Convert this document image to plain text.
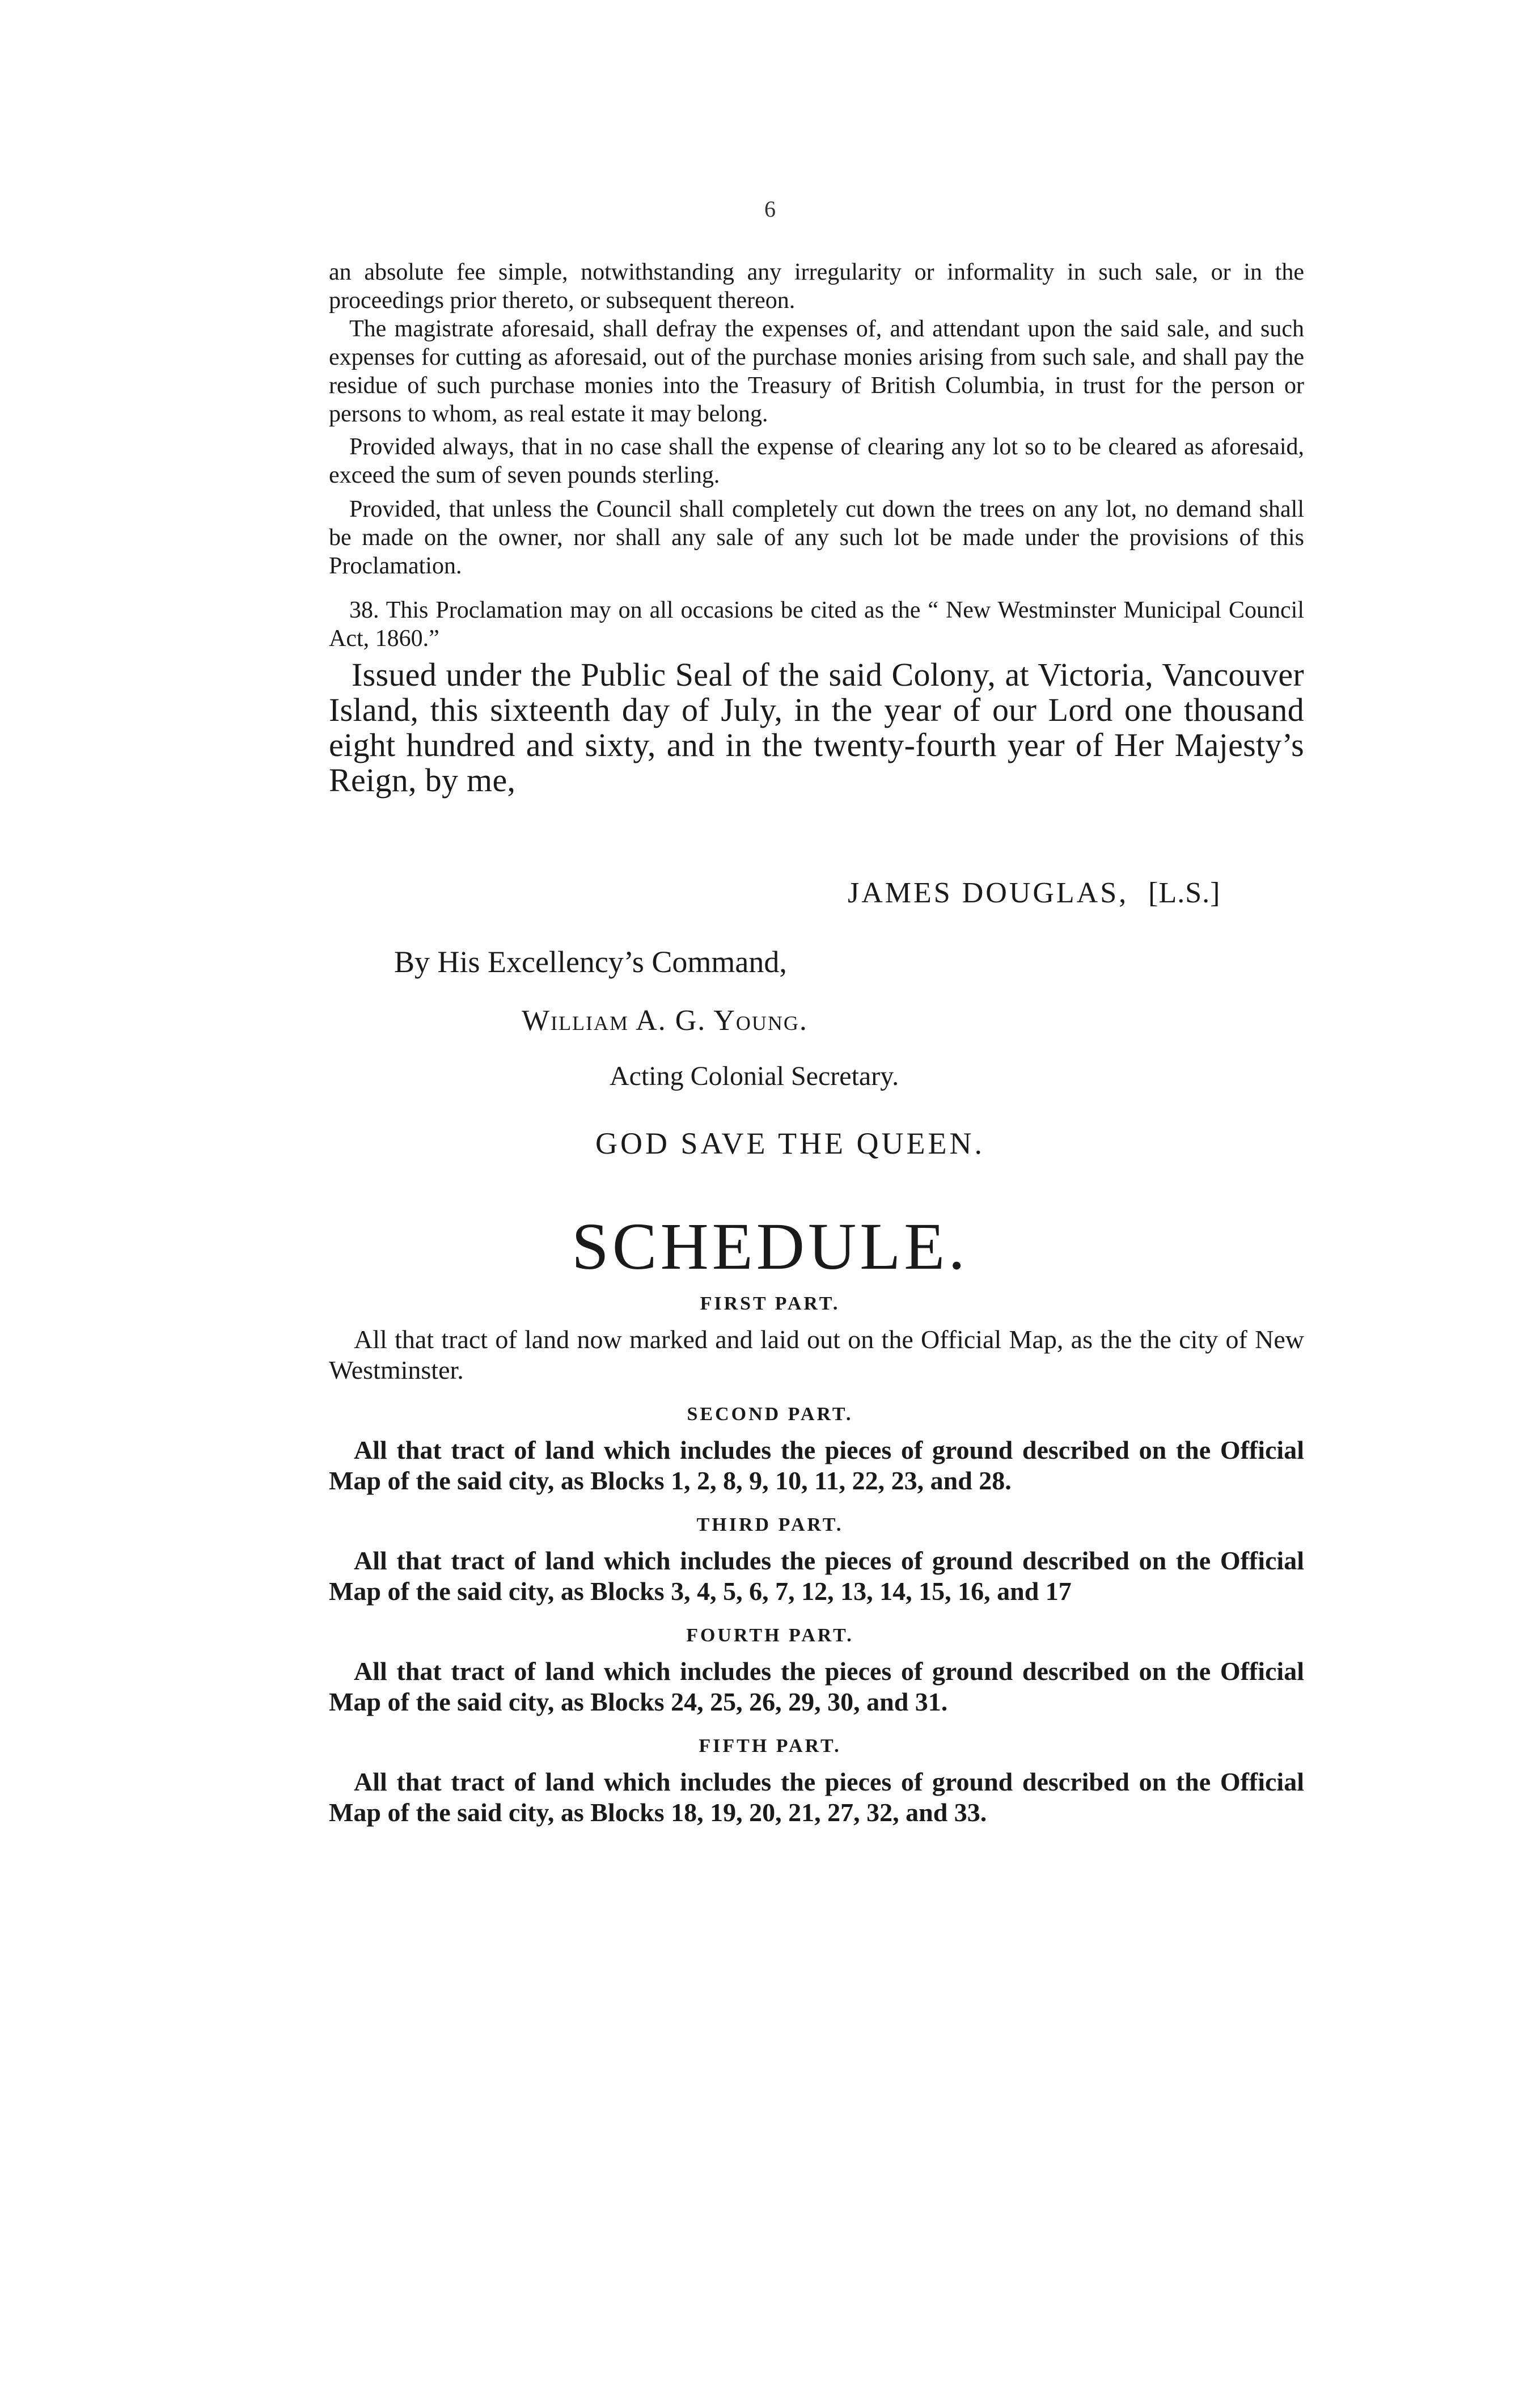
6

an absolute fee simple, notwithstanding any irregularity or informality in such sale, or in the proceedings prior thereto, or subsequent thereon.

The magistrate aforesaid, shall defray the expenses of, and attendant upon the said sale, and such expenses for cutting as aforesaid, out of the purchase monies arising from such sale, and shall pay the residue of such purchase monies into the Treasury of British Columbia, in trust for the person or persons to whom, as real estate it may belong.

Provided always, that in no case shall the expense of clearing any lot so to be cleared as aforesaid, exceed the sum of seven pounds sterling.

Provided, that unless the Council shall completely cut down the trees on any lot, no demand shall be made on the owner, nor shall any sale of any such lot be made under the provisions of this Proclamation.

38. This Proclamation may on all occasions be cited as the “ New Westminster Municipal Council Act, 1860.”

Issued under the Public Seal of the said Colony, at Victoria, Vancouver Island, this sixteenth day of July, in the year of our Lord one thousand eight hundred and sixty, and in the twenty-fourth year of Her Majesty’s Reign, by me,

JAMES DOUGLAS, [L.S.]
By His Excellency’s Command,
William A. G. Young.
Acting Colonial Secretary.
GOD SAVE THE QUEEN.
SCHEDULE.
FIRST PART.

All that tract of land now marked and laid out on the Official Map, as the the city of New Westminster.

SECOND PART.

All that tract of land which includes the pieces of ground described on the Official Map of the said city, as Blocks 1, 2, 8, 9, 10, 11, 22, 23, and 28.

THIRD PART.

All that tract of land which includes the pieces of ground described on the Official Map of the said city, as Blocks 3, 4, 5, 6, 7, 12, 13, 14, 15, 16, and 17

FOURTH PART.

All that tract of land which includes the pieces of ground described on the Official Map of the said city, as Blocks 24, 25, 26, 29, 30, and 31.

FIFTH PART.

All that tract of land which includes the pieces of ground described on the Official Map of the said city, as Blocks 18, 19, 20, 21, 27, 32, and 33.
